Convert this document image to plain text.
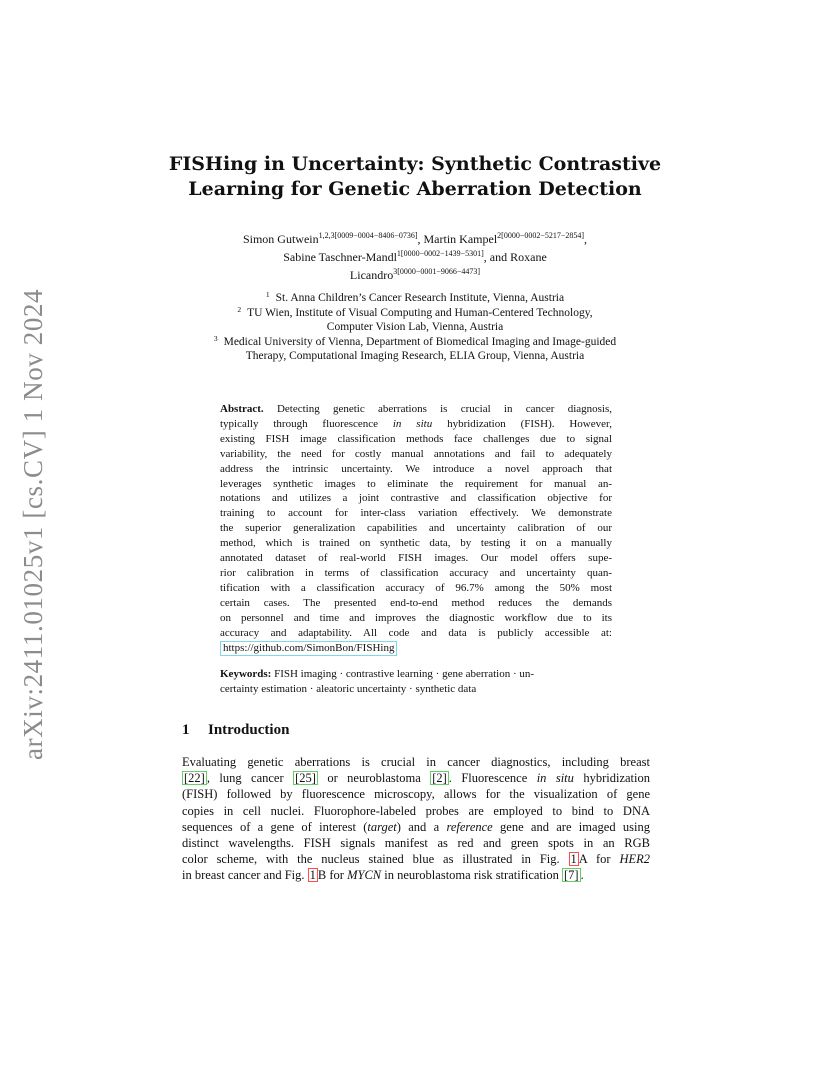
arXiv:2411.01025v1 [cs.CV] 1 Nov 2024
FISHing in Uncertainty: Synthetic Contrastive
Learning for Genetic Aberration Detection
Simon Gutwein$^{1,2,3[0009-0004-8406-0736]}$, Martin Kampel$^{2[0000-0002-5217-2854]}$,
Sabine Taschner-Mandl$^{1[0000-0002-1439-5301]}$, and Roxane
Licandro$^{3[0000-0001-9066-4473]}$
$^1$ St. Anna Children’s Cancer Research Institute, Vienna, Austria
$^2$ TU Wien, Institute of Visual Computing and Human-Centered Technology,
Computer Vision Lab, Vienna, Austria
$^3$ Medical University of Vienna, Department of Biomedical Imaging and Image-guided
Therapy, Computational Imaging Research, ELIA Group, Vienna, Austria
Abstract. Detecting genetic aberrations is crucial in cancer diagnosis,
typically through fluorescence in situ hybridization (FISH). However,
existing FISH image classification methods face challenges due to signal
variability, the need for costly manual annotations and fail to adequately
address the intrinsic uncertainty. We introduce a novel approach that
leverages synthetic images to eliminate the requirement for manual an-
notations and utilizes a joint contrastive and classification objective for
training to account for inter-class variation effectively. We demonstrate
the superior generalization capabilities and uncertainty calibration of our
method, which is trained on synthetic data, by testing it on a manually
annotated dataset of real-world FISH images. Our model offers supe-
rior calibration in terms of classification accuracy and uncertainty quan-
tification with a classification accuracy of 96.7% among the 50% most
certain cases. The presented end-to-end method reduces the demands
on personnel and time and improves the diagnostic workflow due to its
accuracy and adaptability. All code and data is publicly accessible at:
https://github.com/SimonBon/FISHing
Keywords: FISH imaging · contrastive learning · gene aberration · un-
certainty estimation · aleatoric uncertainty · synthetic data
1 Introduction
Evaluating genetic aberrations is crucial in cancer diagnostics, including breast
[22] , lung cancer [25] or neuroblastoma [2] . Fluorescence in situ hybridization
(FISH) followed by fluorescence microscopy, allows for the visualization of gene
copies in cell nuclei. Fluorophore-labeled probes are employed to bind to DNA
sequences of a gene of interest (target) and a reference gene and are imaged using
distinct wavelengths. FISH signals manifest as red and green spots in an RGB
color scheme, with the nucleus stained blue as illustrated in Fig. 1 A for HER2
in breast cancer and Fig. 1 B for MYCN in neuroblastoma risk stratification [7] .
